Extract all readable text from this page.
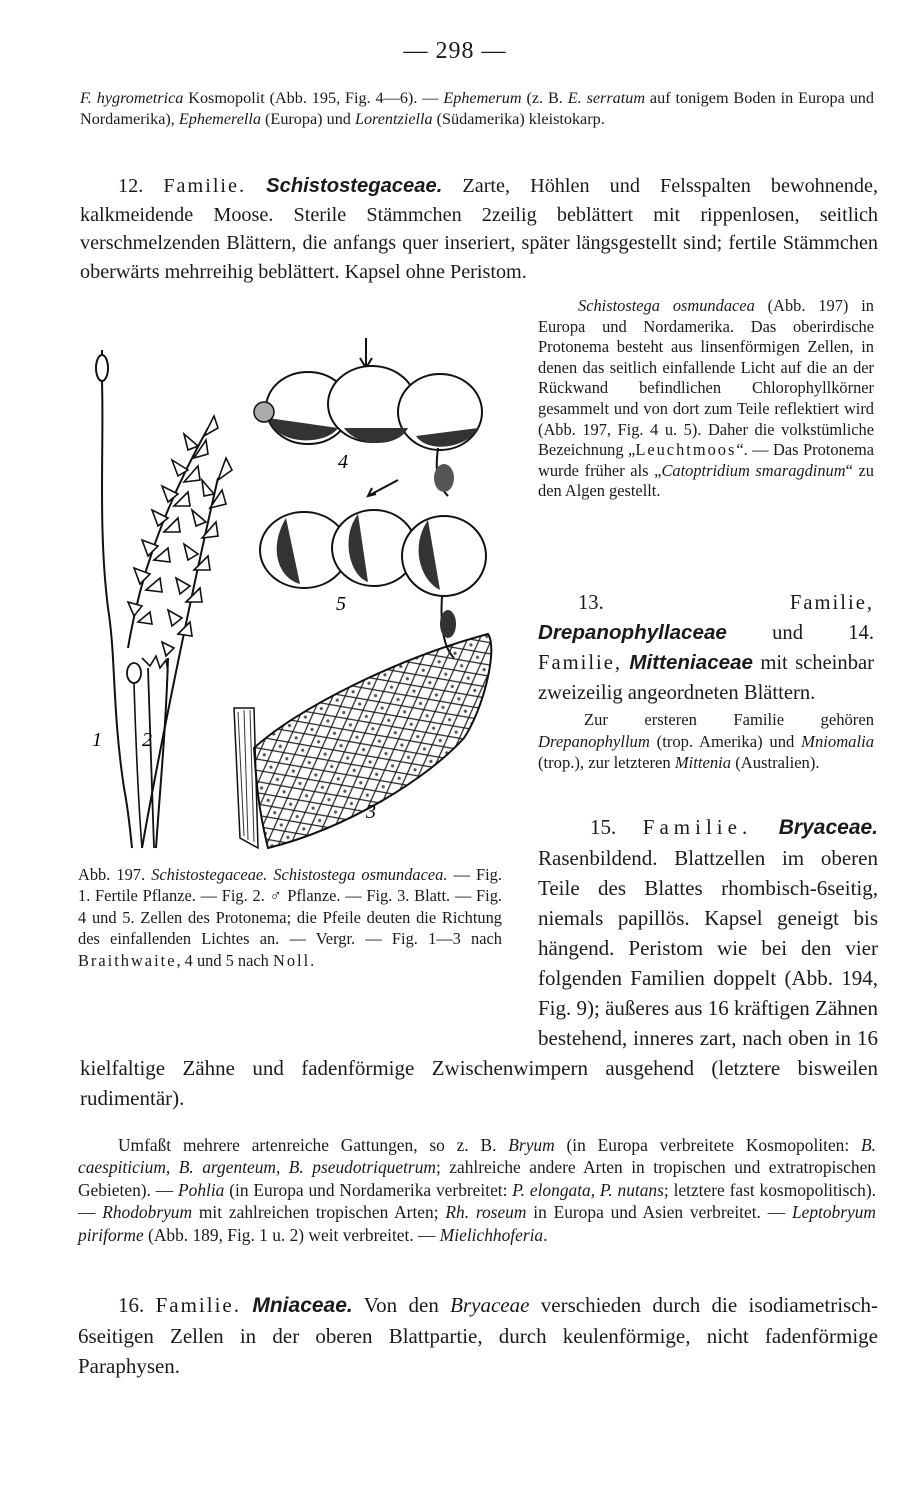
— 298 —
F. hygrometrica Kosmopolit (Abb. 195, Fig. 4—6). — Ephemerum (z. B. E. serratum auf tonigem Boden in Europa und Nordamerika), Ephemerella (Europa) und Lorentziella (Südamerika) kleistokarp.
12. Familie. Schistostegaceae. Zarte, Höhlen und Felsspalten bewohnende, kalkmeidende Moose. Sterile Stämmchen 2zeilig beblättert mit rippenlosen, seitlich verschmelzenden Blättern, die anfangs quer inseriert, später längsgestellt sind; fertile Stämmchen oberwärts mehrreihig beblättert. Kapsel ohne Peristom.
1 2
4
5
3

Schistostega osmundacea (Abb. 197) in Europa und Nordamerika. Das oberirdische Protonema besteht aus linsenförmigen Zellen, in denen das seitlich einfallende Licht auf die an der Rückwand befindlichen Chlorophyllkörner gesammelt und von dort zum Teile reflektiert wird (Abb. 197, Fig. 4 u. 5). Daher die volkstümliche Bezeichnung „Leuchtmoos“. — Das Protonema wurde früher als „Catoptridium smaragdinum“ zu den Algen gestellt.

13. Familie, Drepanophyllaceae und 14. Familie, Mitteniaceae mit scheinbar zweizeilig angeordneten Blättern.
Zur ersteren Familie gehören Drepanophyllum (trop. Amerika) und Mniomalia (trop.), zur letzteren Mittenia (Australien).
Abb. 197. Schistostegaceae. Schistostega osmundacea. — Fig. 1. Fertile Pflanze. — Fig. 2. ♂ Pflanze. — Fig. 3. Blatt. — Fig. 4 und 5. Zellen des Protonema; die Pfeile deuten die Richtung des einfallenden Lichtes an. — Vergr. — Fig. 1—3 nach Braithwaite, 4 und 5 nach Noll.

15. Familie. Bryaceae. Rasenbildend. Blattzellen im oberen Teile des Blattes rhombisch-6seitig, niemals papillös. Kapsel geneigt bis hängend. Peristom wie bei den vier folgenden Familien doppelt (Abb. 194, Fig. 9); äußeres aus 16 kräftigen Zähnen bestehend, inneres zart, nach oben in 16 kielfaltige Zähne und fadenförmige Zwischenwimpern ausgehend (letztere bisweilen rudimentär).

Umfaßt mehrere artenreiche Gattungen, so z. B. Bryum (in Europa verbreitete Kosmopoliten: B. caespiticium, B. argenteum, B. pseudotriquetrum; zahlreiche andere Arten in tropischen und extratropischen Gebieten). — Pohlia (in Europa und Nordamerika verbreitet: P. elongata, P. nutans; letztere fast kosmopolitisch). — Rhodobryum mit zahlreichen tropischen Arten; Rh. roseum in Europa und Asien verbreitet. — Leptobryum piriforme (Abb. 189, Fig. 1 u. 2) weit verbreitet. — Mielichhoferia.
16. Familie. Mniaceae. Von den Bryaceae verschieden durch die isodiametrisch-6seitigen Zellen in der oberen Blattpartie, durch keulenförmige, nicht fadenförmige Paraphysen.
